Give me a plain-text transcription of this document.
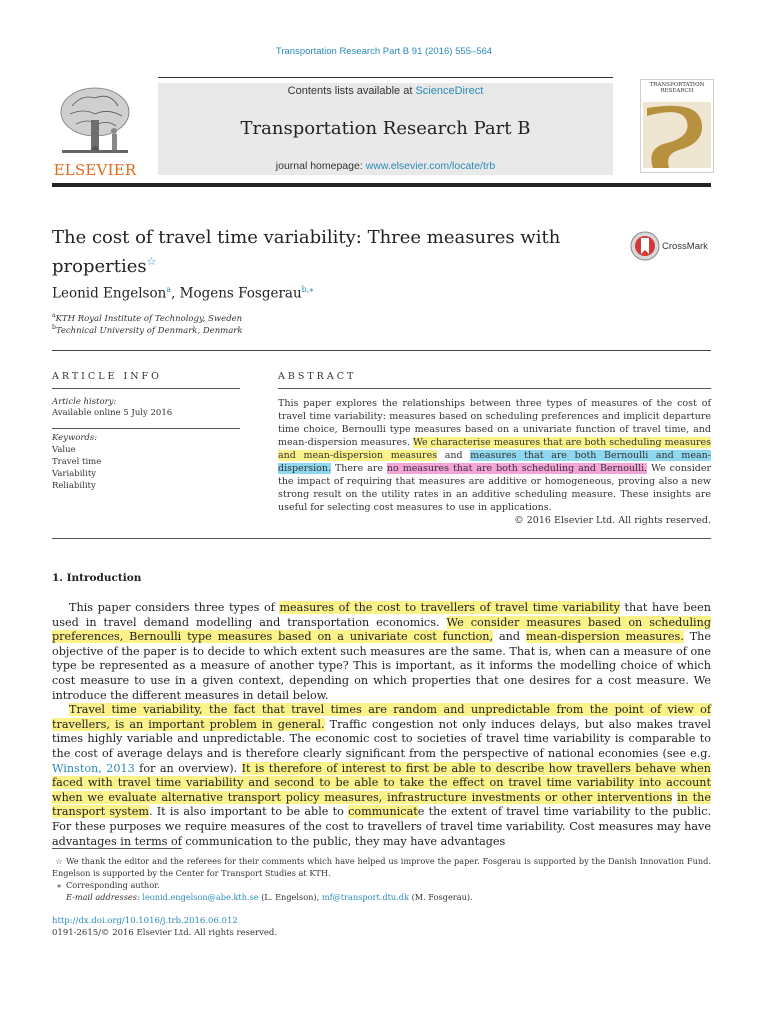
Transportation Research Part B 91 (2016) 555–564
ELSEVIER
Contents lists available at ScienceDirect
Transportation Research Part B
journal homepage: www.elsevier.com/locate/trb
TRANSPORTATION RESEARCH
The cost of travel time variability: Three measures with properties☆
CrossMark
Leonid Engelson$^a$, Mogens Fosgerau$^{b,⁎}$
$^a$KTH Royal Institute of Technology, Sweden
$^b$Technical University of Denmark, Denmark
ARTICLE INFO	ABSTRACT
Article history:
Available online 5 July 2016
Keywords:
Value
Travel time
Variability
Reliability
This paper explores the relationships between three types of measures of the cost of travel time variability: measures based on scheduling preferences and implicit departure time choice, Bernoulli type measures based on a univariate function of travel time, and mean-dispersion measures. We characterise measures that are both scheduling measures and mean-dispersion measures and measures that are both Bernoulli and mean-dispersion. There are no measures that are both scheduling and Bernoulli. We consider the impact of requiring that measures are additive or homogeneous, proving also a new strong result on the utility rates in an additive scheduling measure. These insights are useful for selecting cost measures to use in applications.
© 2016 Elsevier Ltd. All rights reserved.
1. Introduction

This paper considers three types of measures of the cost to travellers of travel time variability that have been used in travel demand modelling and transportation economics. We consider measures based on scheduling preferences, Bernoulli type measures based on a univariate cost function, and mean-dispersion measures. The objective of the paper is to decide to which extent such measures are the same. That is, when can a measure of one type be represented as a measure of another type? This is important, as it informs the modelling choice of which cost measure to use in a given context, depending on which properties that one desires for a cost measure. We introduce the different measures in detail below.

Travel time variability, the fact that travel times are random and unpredictable from the point of view of travellers, is an important problem in general. Traffic congestion not only induces delays, but also makes travel times highly variable and unpredictable. The economic cost to societies of travel time variability is comparable to the cost of average delays and is therefore clearly significant from the perspective of national economies (see e.g. Winston, 2013 for an overview). It is therefore of interest to first be able to describe how travellers behave when faced with travel time variability and second to be able to take the effect on travel time variability into account when we evaluate alternative transport policy measures, infrastructure investments or other interventions in the transport system. It is also important to be able to communicate the extent of travel time variability to the public. For these purposes we require measures of the cost to travellers of travel time variability. Cost measures may have advantages in terms of communication to the public, they may have advantages

☆ We thank the editor and the referees for their comments which have helped us improve the paper. Fosgerau is supported by the Danish Innovation Fund. Engelson is supported by the Center for Transport Studies at KTH.

⁎ Corresponding author.

E-mail addresses: leonid.engelson@abe.kth.se (L. Engelson), mf@transport.dtu.dk (M. Fosgerau).

http://dx.doi.org/10.1016/j.trb.2016.06.012
0191-2615/© 2016 Elsevier Ltd. All rights reserved.
